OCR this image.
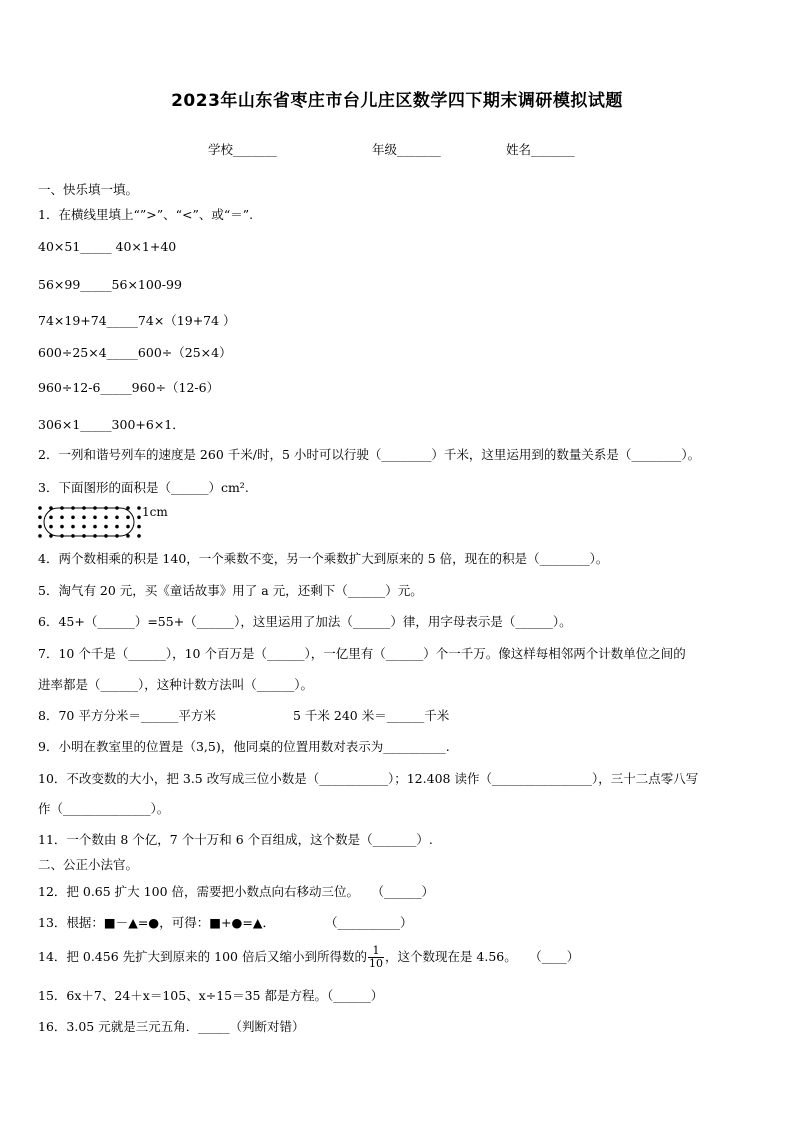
2023年山东省枣庄市台儿庄区数学四下期末调研模拟试题
学校_______	年级_______	姓名_______
一、快乐填一填。
1．在横线里填上“”>”、“<”、或“＝”.
40×51_____ 40×1+40
56×99_____56×100-99
74×19+74_____74×（19+74 ）
600÷25×4_____600÷（25×4）
960÷12-6_____960÷（12-6）
306×1_____300+6×1．
2．一列和谐号列车的速度是 260 千米/时，5 小时可以行驶（________）千米，这里运用到的数量关系是（________）。
3．下面图形的面积是（______）cm².
1cm
4．两个数相乘的积是 140，一个乘数不变，另一个乘数扩大到原来的 5 倍，现在的积是（________）。
5．淘气有 20 元，买《童话故事》用了 a 元，还剩下（______）元。
6．45+（______）=55+（______），这里运用了加法（______）律，用字母表示是（______）。
7．10 个千是（______），10 个百万是（______），一亿里有（______）个一千万。像这样每相邻两个计数单位之间的
进率都是（______），这种计数方法叫（______）。
8．70 平方分米＝______平方米	5 千米 240 米＝______千米
9．小明在教室里的位置是（3,5)，他同桌的位置用数对表示为__________.
10．不改变数的大小，把 3.5 改写成三位小数是（___________）；12.408 读作（________________），三十二点零八写
作（______________）。
11．一个数由 8 个亿，7 个十万和 6 个百组成，这个数是（_______）.
二、公正小法官。
12．把 0.65 扩大 100 倍，需要把小数点向右移动三位。　　（______）
13．根据：■－▲=●，可得：■+●=▲．　　　　　（__________）
14．把 0.456 先扩大到原来的 100 倍后又缩小到所得数的 $\frac{1}{10}$ ，这个数现在是 4.56。　　（____）
15．6x＋7、24＋x＝105、x÷15＝35 都是方程。（______）
16．3.05 元就是三元五角．_____（判断对错）
